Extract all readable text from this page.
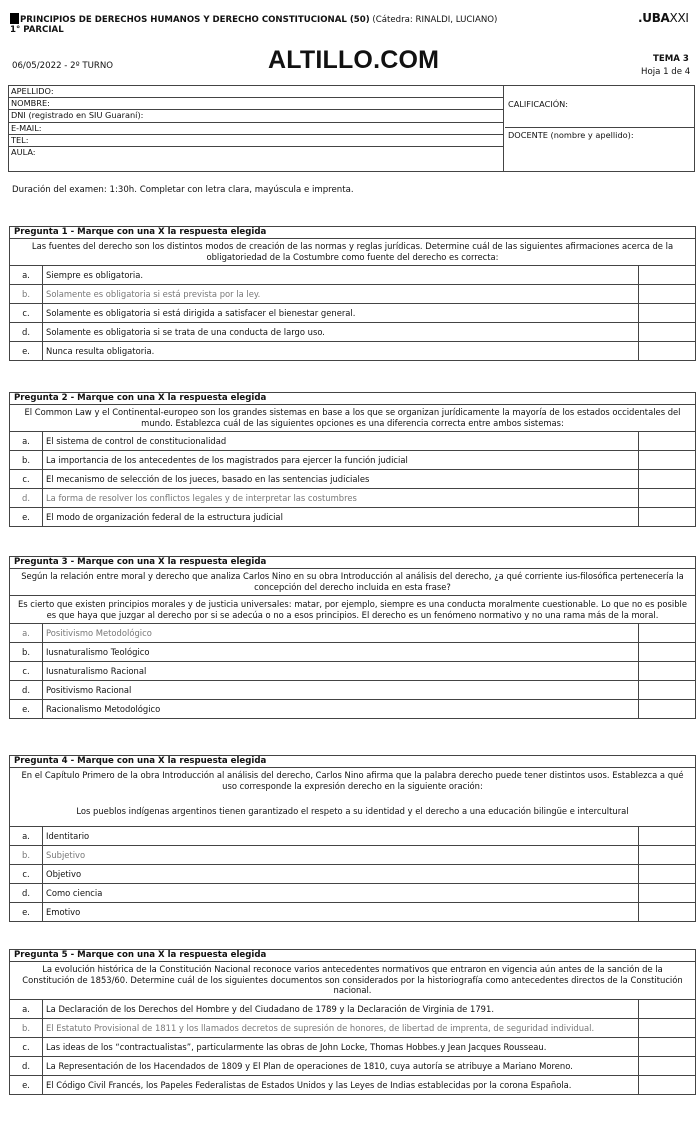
PRINCIPIOS DE DERECHOS HUMANOS Y DERECHO CONSTITUCIONAL (50) (Cátedra: RINALDI, LUCIANO)
1° PARCIAL
.UBAXXI
06/05/2022 - 2º TURNO	ALTILLO.COM	TEMA 3
Hoja 1 de 4
APELLIDO:
NOMBRE:
DNI (registrado en SIU Guaraní):
E-MAIL:
TEL:
AULA:
CALIFICACIÓN:
DOCENTE (nombre y apellido):
Duración del examen: 1:30h. Completar con letra clara, mayúscula e imprenta.
Pregunta 1 - Marque con una X la respuesta elegida
Las fuentes del derecho son los distintos modos de creación de las normas y reglas jurídicas. Determine cuál de las siguientes afirmaciones acerca de la obligatoriedad de la Costumbre como fuente del derecho es correcta:
a.	Siempre es obligatoria.
b.	Solamente es obligatoria si está prevista por la ley.
c.	Solamente es obligatoria si está dirigida a satisfacer el bienestar general.
d.	Solamente es obligatoria si se trata de una conducta de largo uso.
e.	Nunca resulta obligatoria.
Pregunta 2 - Marque con una X la respuesta elegida
El Common Law y el Continental-europeo son los grandes sistemas en base a los que se organizan jurídicamente la mayoría de los estados occidentales del mundo. Establezca cuál de las siguientes opciones es una diferencia correcta entre ambos sistemas:
a.	El sistema de control de constitucionalidad
b.	La importancia de los antecedentes de los magistrados para ejercer la función judicial
c.	El mecanismo de selección de los jueces, basado en las sentencias judiciales
d.	La forma de resolver los conflictos legales y de interpretar las costumbres
e.	El modo de organización federal de la estructura judicial
Pregunta 3 - Marque con una X la respuesta elegida
Según la relación entre moral y derecho que analiza Carlos Nino en su obra Introducción al análisis del derecho, ¿a qué corriente ius-filosófica pertenecería la concepción del derecho incluida en esta frase?
Es cierto que existen principios morales y de justicia universales: matar, por ejemplo, siempre es una conducta moralmente cuestionable. Lo que no es posible es que haya que juzgar al derecho por si se adecúa o no a esos principios. El derecho es un fenómeno normativo y no una rama más de la moral.
a.	Positivismo Metodológico
b.	Iusnaturalismo Teológico
c.	Iusnaturalismo Racional
d.	Positivismo Racional
e.	Racionalismo Metodológico
Pregunta 4 - Marque con una X la respuesta elegida
En el Capítulo Primero de la obra Introducción al análisis del derecho, Carlos Nino afirma que la palabra derecho puede tener distintos usos. Establezca a qué uso corresponde la expresión derecho en la siguiente oración:
Los pueblos indígenas argentinos tienen garantizado el respeto a su identidad y el derecho a una educación bilingüe e intercultural
a.	Identitario
b.	Subjetivo
c.	Objetivo
d.	Como ciencia
e.	Emotivo
Pregunta 5 - Marque con una X la respuesta elegida
La evolución histórica de la Constitución Nacional reconoce varios antecedentes normativos que entraron en vigencia aún antes de la sanción de la Constitución de 1853/60. Determine cuál de los siguientes documentos son considerados por la historiografía como antecedentes directos de la Constitución nacional.
a.	La Declaración de los Derechos del Hombre y del Ciudadano de 1789 y la Declaración de Virginia de 1791.
b.	El Estatuto Provisional de 1811 y los llamados decretos de supresión de honores, de libertad de imprenta, de seguridad individual.
c.	Las ideas de los “contractualistas”, particularmente las obras de John Locke, Thomas Hobbes.y Jean Jacques Rousseau.
d.	La Representación de los Hacendados de 1809 y El Plan de operaciones de 1810, cuya autoría se atribuye a Mariano Moreno.
e.	El Código Civil Francés, los Papeles Federalistas de Estados Unidos y las Leyes de Indias establecidas por la corona Española.
